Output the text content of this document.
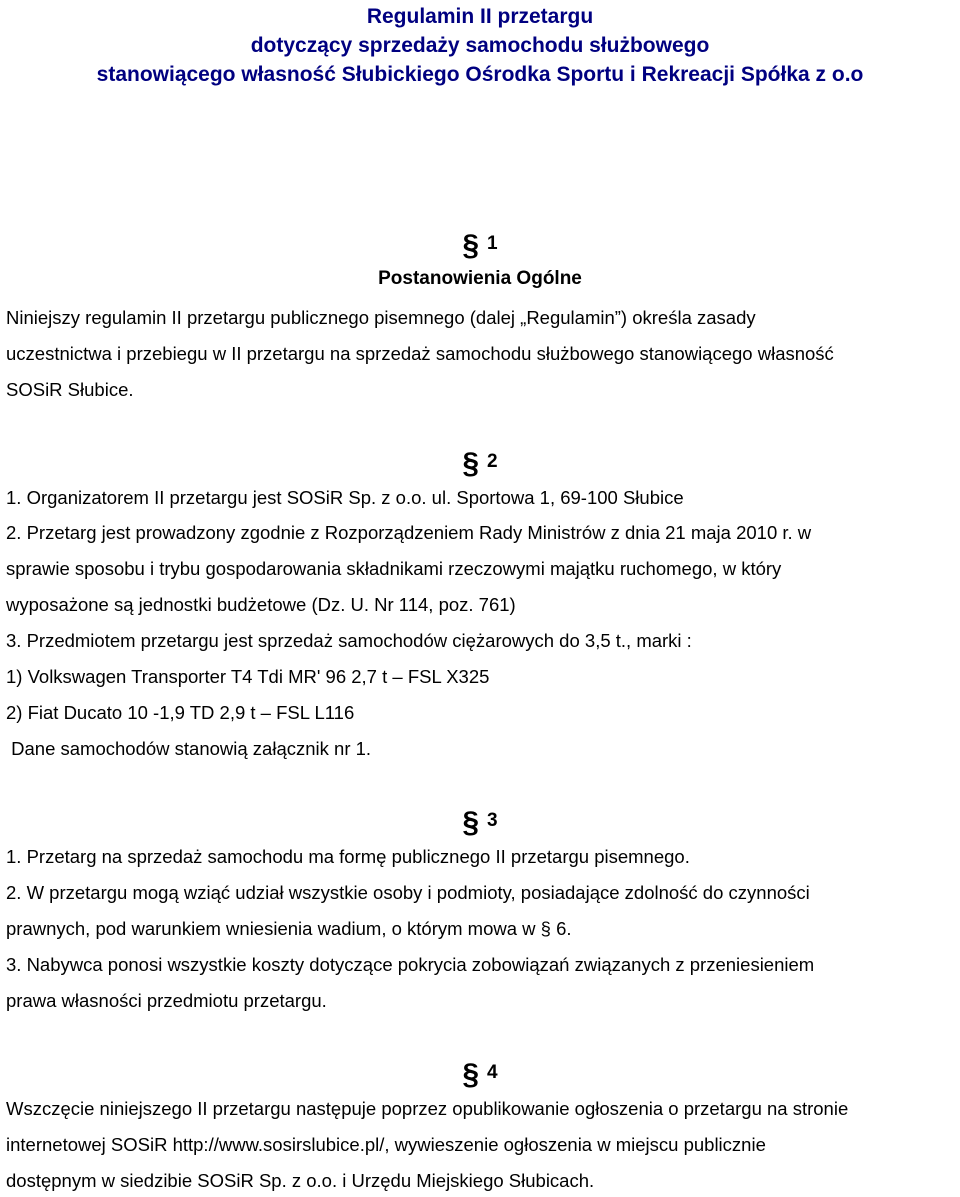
Regulamin II przetargu
dotyczący sprzedaży samochodu służbowego
stanowiącego własność Słubickiego Ośrodka Sportu i Rekreacji Spółka z o.o
§ 1
Postanowienia Ogólne
Niniejszy regulamin II przetargu publicznego pisemnego (dalej „Regulamin”) określa zasady
uczestnictwa i przebiegu w II przetargu na sprzedaż samochodu służbowego stanowiącego własność
SOSiR Słubice.
§ 2
1. Organizatorem II przetargu jest SOSiR Sp. z o.o. ul. Sportowa 1, 69-100 Słubice
2. Przetarg jest prowadzony zgodnie z Rozporządzeniem Rady Ministrów z dnia 21 maja 2010 r. w
sprawie sposobu i trybu gospodarowania składnikami rzeczowymi majątku ruchomego, w który
wyposażone są jednostki budżetowe (Dz. U. Nr 114, poz. 761)
3. Przedmiotem przetargu jest sprzedaż samochodów ciężarowych do 3,5 t., marki :
1) Volkswagen Transporter T4 Tdi MR' 96 2,7 t – FSL X325
2) Fiat Ducato 10 -1,9 TD 2,9 t – FSL L116
Dane samochodów stanowią załącznik nr 1.
§ 3
1. Przetarg na sprzedaż samochodu ma formę publicznego II przetargu pisemnego.
2. W przetargu mogą wziąć udział wszystkie osoby i podmioty, posiadające zdolność do czynności
prawnych, pod warunkiem wniesienia wadium, o którym mowa w § 6.
3. Nabywca ponosi wszystkie koszty dotyczące pokrycia zobowiązań związanych z przeniesieniem
prawa własności przedmiotu przetargu.
§ 4
Wszczęcie niniejszego II przetargu następuje poprzez opublikowanie ogłoszenia o przetargu na stronie
internetowej SOSiR http://www.sosirslubice.pl/, wywieszenie ogłoszenia w miejscu publicznie
dostępnym w siedzibie SOSiR Sp. z o.o. i Urzędu Miejskiego Słubicach.
